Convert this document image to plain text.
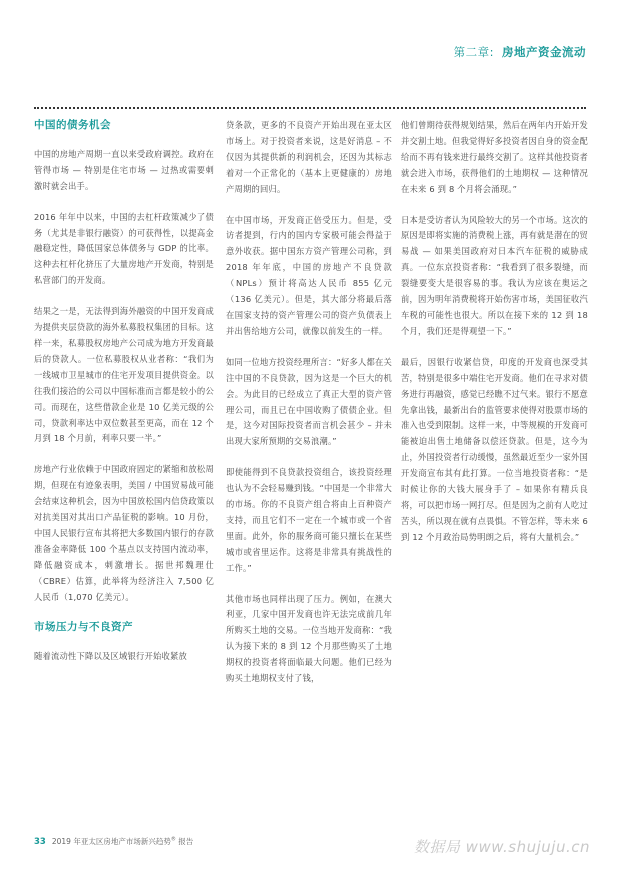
第二章: 房地产资金流动
中国的债务机会

中国的房地产周期一直以来受政府调控。政府在管得市场 — 特别是住宅市场 — 过热或需要刺激时就会出手。

2016 年年中以来，中国的去杠杆政策减少了债务（尤其是非银行融资）的可获得性，以提高金融稳定性，降低国家总体债务与 GDP 的比率。这种去杠杆化挤压了大量房地产开发商，特别是私营部门的开发商。

结果之一是，无法得到海外融资的中国开发商成为提供夹层贷款的海外私募股权集团的目标。这样一来，私募股权房地产公司成为地方开发商最后的贷款人。一位私募股权从业者称：“我们为一线城市卫星城市的住宅开发项目提供资金。以往我们接洽的公司以中国标准而言都是较小的公司。而现在，这些借款企业是 10 亿美元级的公司，贷款利率达中双位数甚至更高，而在 12 个月到 18 个月前，利率只要一半。”

房地产行业依赖于中国政府固定的紧缩和放松周期，但现在有迹象表明，美国 / 中国贸易战可能会结束这种机会，因为中国放松国内信贷政策以对抗美国对其出口产品征税的影响。10 月份，中国人民银行宣布其将把大多数国内银行的存款准备金率降低 100 个基点以支持国内流动率，降低融资成本，刺激增长。据世邦魏理仕（CBRE）估算，此举将为经济注入 7,500 亿人民币（1,070 亿美元）。

市场压力与不良资产

随着流动性下降以及区域银行开始收紧放

贷条款，更多的不良资产开始出现在亚太区市场上。对于投资者来说，这是好消息 – 不仅因为其提供新的利润机会，还因为其标志着对一个正常化的（基本上更健康的）房地产周期的回归。

在中国市场，开发商正倍受压力。但是，受访者提到，行内的国内专家极可能会得益于意外收获。据中国东方资产管理公司称，到 2018 年年底，中国的房地产不良贷款（NPLs）预计将高达人民币 855 亿元（136 亿美元）。但是，其大部分将最后落在国家支持的资产管理公司的资产负债表上并出售给地方公司，就像以前发生的一样。

如同一位地方投资经理所言：“好多人都在关注中国的不良贷款，因为这是一个巨大的机会。为此目的已经成立了真正大型的资产管理公司，而且已在中国收购了债债企业。但是，这今对国际投资者而言机会甚少 – 并未出现大家所预期的交易浪潮。”

即使能得到不良贷款投资组合，该投资经理也认为不会轻易赚到钱。“中国是一个非常大的市场。你的不良资产组合将由上百种资产支持，而且它们不一定在一个城市或一个省里面。此外，你的服务商可能只擅长在某些城市或省里运作。这将是非常具有挑战性的工作。”

其他市场也同样出现了压力。例如，在澳大利亚，几家中国开发商也许无法完成前几年所购买土地的交易。一位当地开发商称：“我认为接下来的 8 到 12 个月那些购买了土地期权的投资者将面临最大问题。他们已经为购买土地期权支付了钱，

他们曾期待获得规划结果，然后在两年内开始开发并交割土地。但我觉得好多投资者因自身的资金配给而不再有钱来进行最终交割了。这样其他投资者就会进入市场，获得他们的土地期权 — 这种情况在未来 6 到 8 个月将会涌现。”

日本是受访者认为风险较大的另一个市场。这次的原因是即将实施的消费税上涨，再有就是潜在的贸易战 — 如果美国政府对日本汽车征税的威胁成真。一位东京投资者称：“我看到了很多裂缝，而裂缝要变大是很容易的事。我认为应该在奥运之前，因为明年消费税将开始伤害市场，美国征收汽车税的可能性也很大。所以在接下来的 12 到 18 个月，我们还是得观望一下。”

最后，因银行收紧信贷，印度的开发商也深受其苦，特别是很多中端住宅开发商。他们在寻求对债务进行再融资，感觉已经瞧不过气来。银行不愿意先拿出钱，最新出台的监管要求使得对股票市场的准入也受到限制。这样一来，中等规模的开发商可能被迫出售土地储备以偿还贷款。但是，这今为止，外国投资者行动缓慢，虽然最近至少一家外国开发商宣布其有此打算。一位当地投资者称：“是时候让你的大钱大展身手了 – 如果你有精兵良将，可以把市场一网打尽。但是因为之前有人吃过苦头，所以现在就有点畏惧。不管怎样，等未来 6 到 12 个月政治局势明朗之后，将有大量机会。”

33 2019 年亚太区房地产市场新兴趋势® 报告	数据局 www.shujuju.cn
